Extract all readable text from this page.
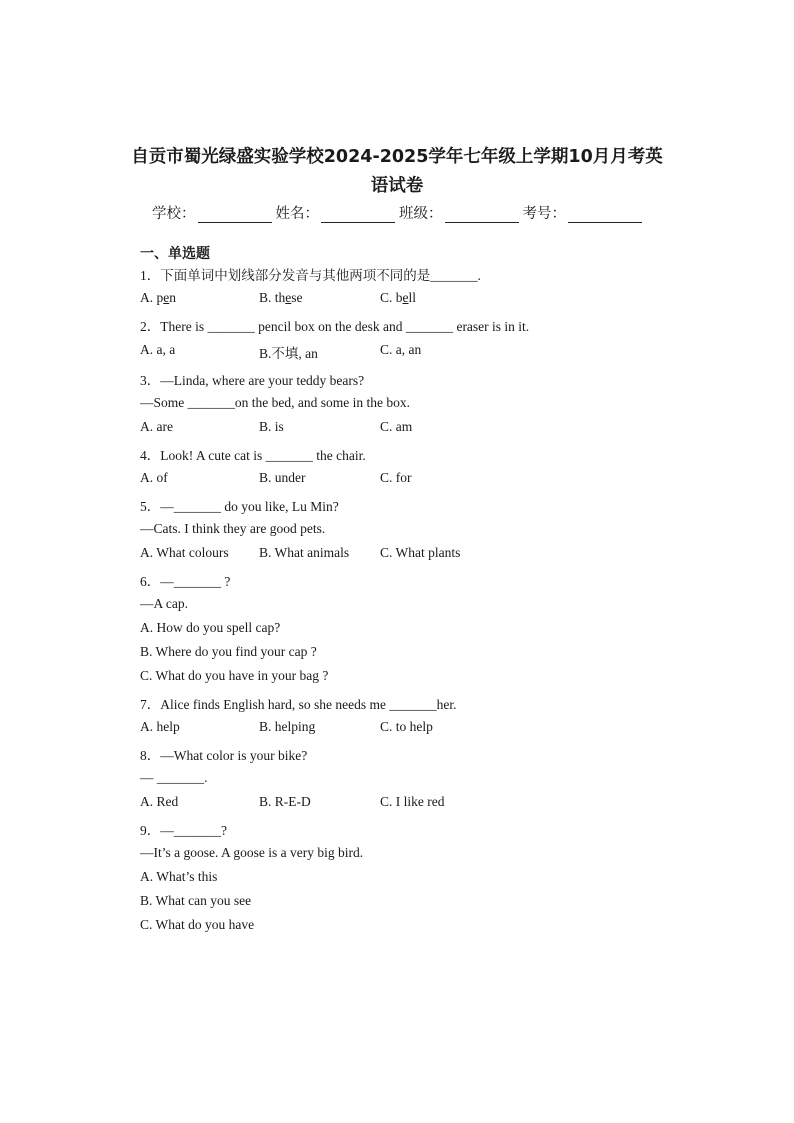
自贡市蜀光绿盛实验学校2024-2025学年七年级上学期10月月考英
语试卷
学校：	姓名：	班级：	考号：
一、单选题
1．下面单词中划线部分发音与其他两项不同的是_______.
A. pen	B. these	C. bell
2．There is _______ pencil box on the desk and _______ eraser is in it.
A. a, a	B.不填, an	C. a, an
3．—Linda, where are your teddy bears?
—Some _______on the bed, and some in the box.
A. are	B. is	C. am
4．Look! A cute cat is _______ the chair.
A. of	B. under	C. for
5．—_______ do you like, Lu Min?
—Cats. I think they are good pets.
A. What colours B. What animals C. What plants
6．—_______ ?
—A cap.
A. How do you spell cap?
B. Where do you find your cap ?
C. What do you have in your bag ?
7．Alice finds English hard, so she needs me _______her.
A. help	B. helping	C. to help
8．—What color is your bike?
— _______.
A. Red	B. R-E-D	C. I like red
9．—_______?
—It’s a goose. A goose is a very big bird.
A. What’s this
B. What can you see
C. What do you have
